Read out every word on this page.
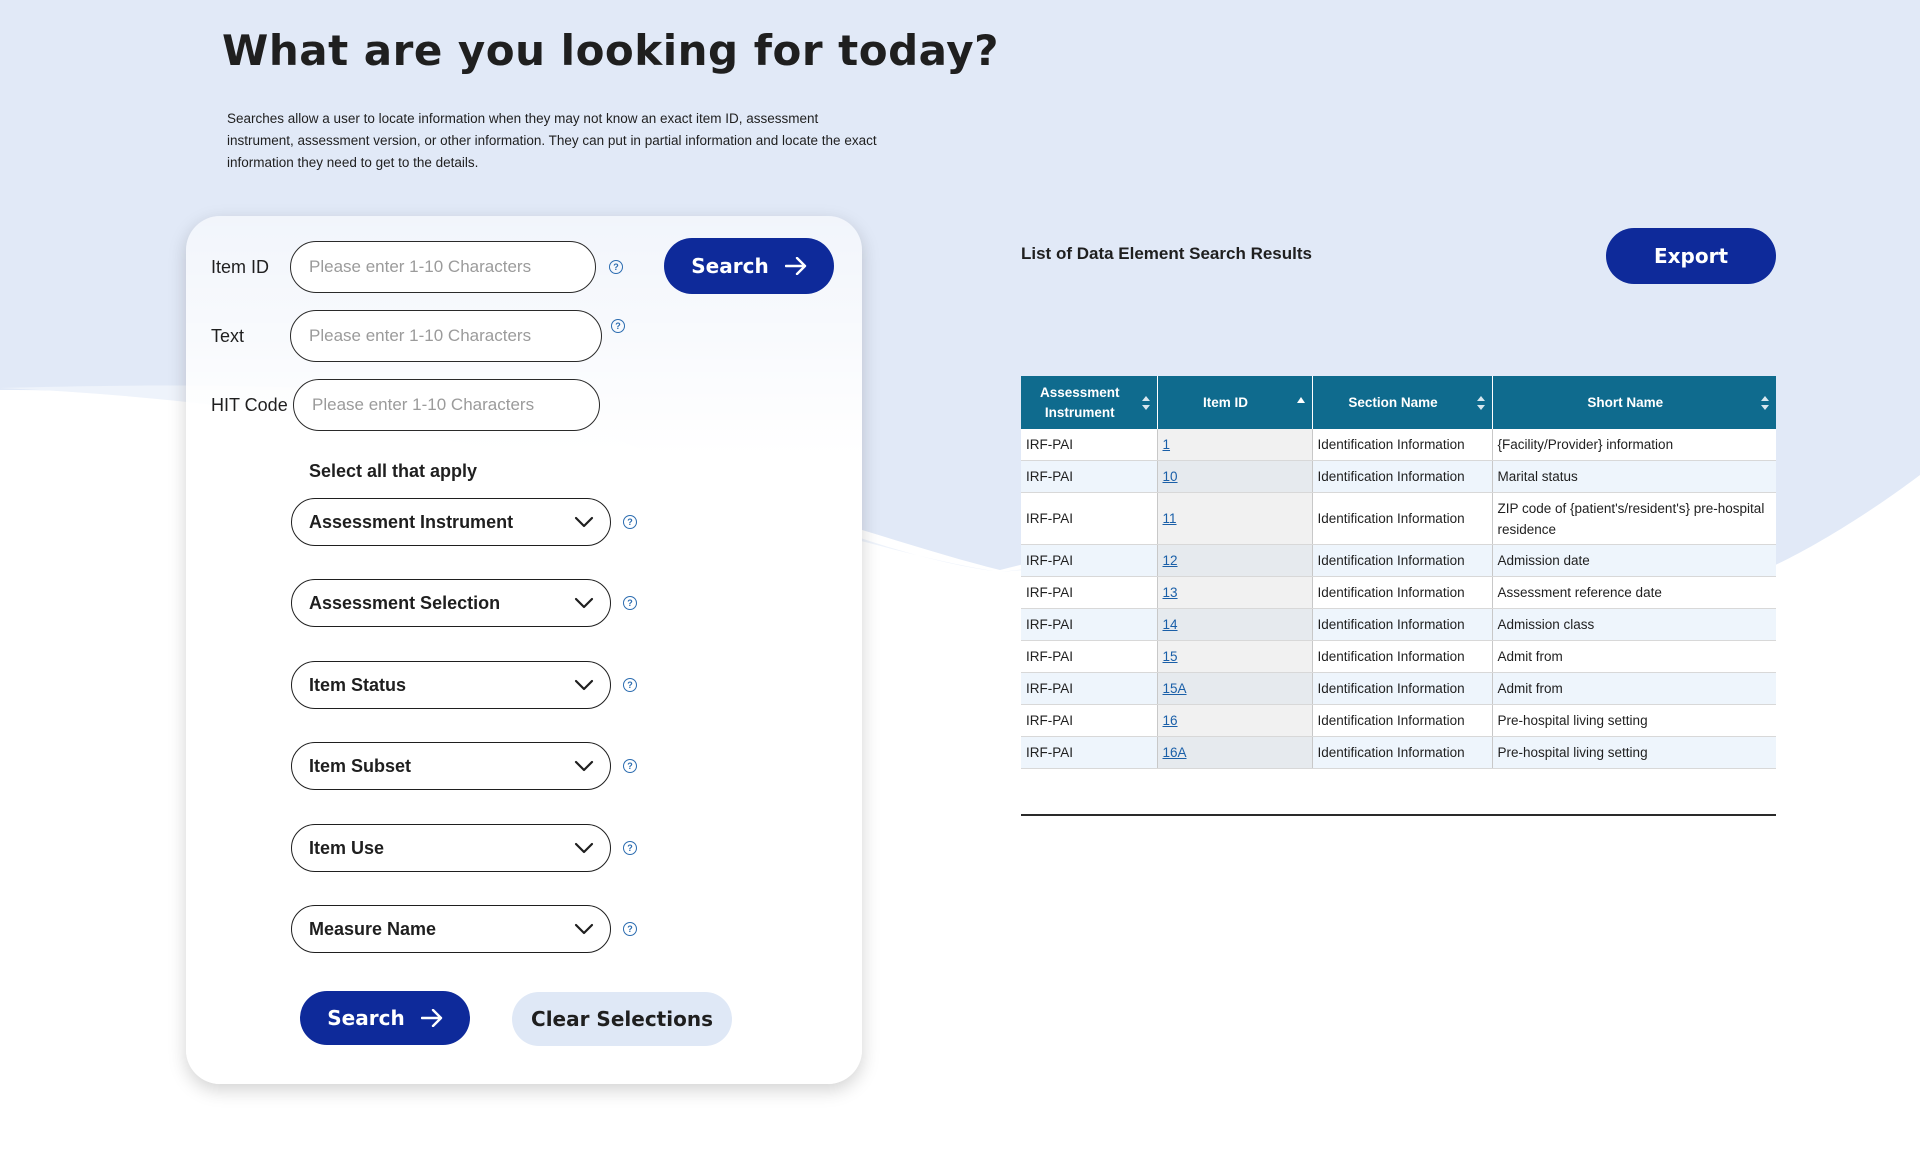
What are you looking for today?

Searches allow a user to locate information when they may not know an exact item ID, assessment instrument, assessment version, or other information. They can put in partial information and locate the exact information they need to get to the details.

Item ID
Please enter 1-10 Characters	?	Search
Text
Please enter 1-10 Characters	?
HIT Code
Please enter 1-10 Characters
Select all that apply
Assessment Instrument	?
Assessment Selection	?
Item Status	?
Item Subset	?
Item Use	?
Measure Name	?
Search	Clear Selections
List of Data Element Search Results	Export
Assessment Instrument	Item ID	Section Name	Short Name

IRF-PAI	1	Identification Information	{Facility/Provider} information
IRF-PAI	10	Identification Information	Marital status
IRF-PAI	11	Identification Information	ZIP code of {patient's/resident's} pre-hospital residence
IRF-PAI	12	Identification Information	Admission date
IRF-PAI	13	Identification Information	Assessment reference date
IRF-PAI	14	Identification Information	Admission class
IRF-PAI	15	Identification Information	Admit from
IRF-PAI	15A	Identification Information	Admit from
IRF-PAI	16	Identification Information	Pre-hospital living setting
IRF-PAI	16A	Identification Information	Pre-hospital living setting
